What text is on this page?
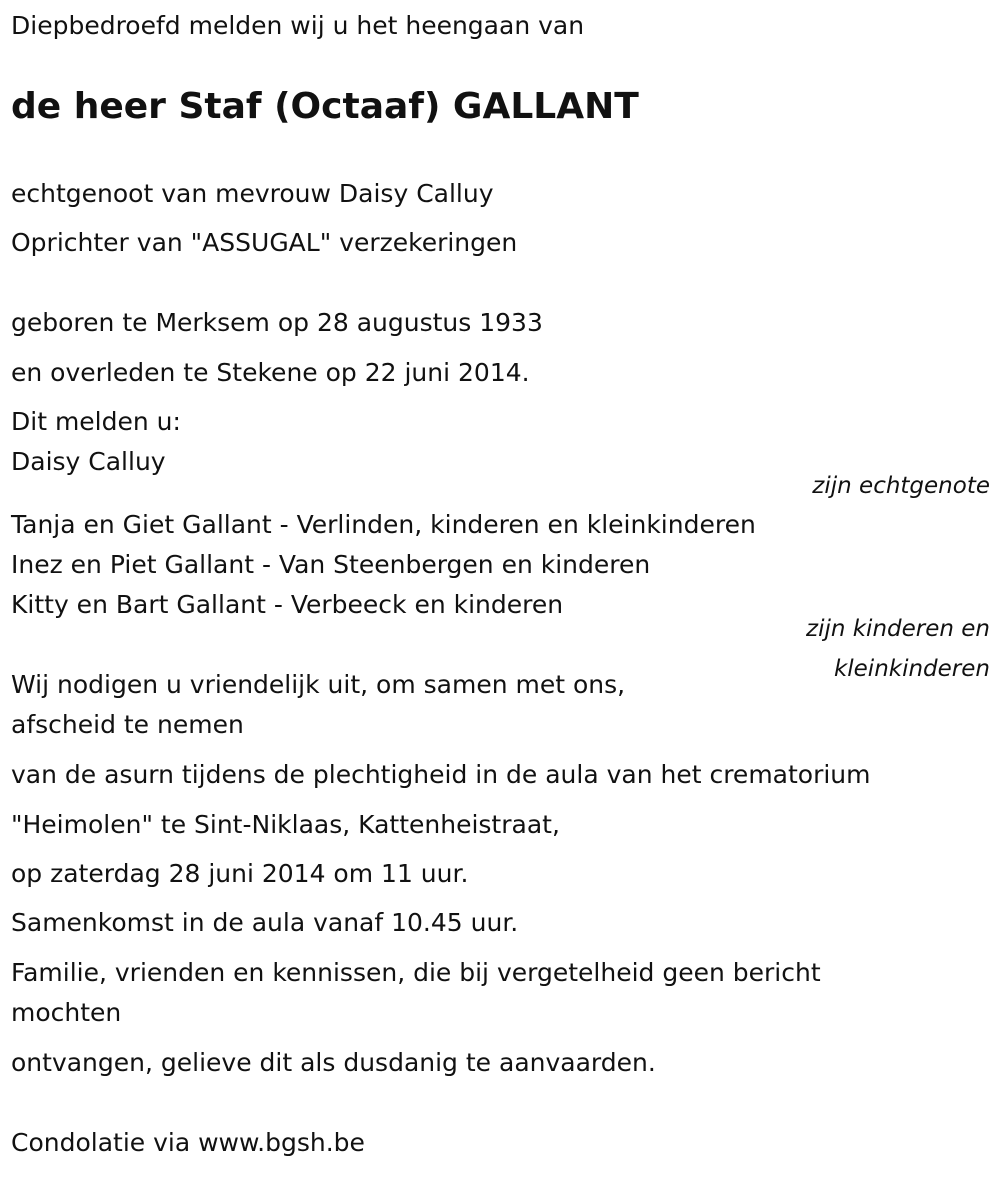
Diepbedroefd melden wij u het heengaan van

de heer Staf (Octaaf) GALLANT

echtgenoot van mevrouw Daisy Calluy

Oprichter van "ASSUGAL" verzekeringen

geboren te Merksem op 28 augustus 1933

en overleden te Stekene op 22 juni 2014.

Dit melden u:

Daisy Calluy

zijn echtgenote

Tanja en Giet Gallant - Verlinden, kinderen en kleinkinderen

Inez en Piet Gallant - Van Steenbergen en kinderen

Kitty en Bart Gallant - Verbeeck en kinderen

zijn kinderen en

kleinkinderen

Wij nodigen u vriendelijk uit, om samen met ons,

afscheid te nemen

van de asurn tijdens de plechtigheid in de aula van het crematorium

"Heimolen" te Sint-Niklaas, Kattenheistraat,

op zaterdag 28 juni 2014 om 11 uur.

Samenkomst in de aula vanaf 10.45 uur.

Familie, vrienden en kennissen, die bij vergetelheid geen bericht

mochten

ontvangen, gelieve dit als dusdanig te aanvaarden.

Condolatie via www.bgsh.be
